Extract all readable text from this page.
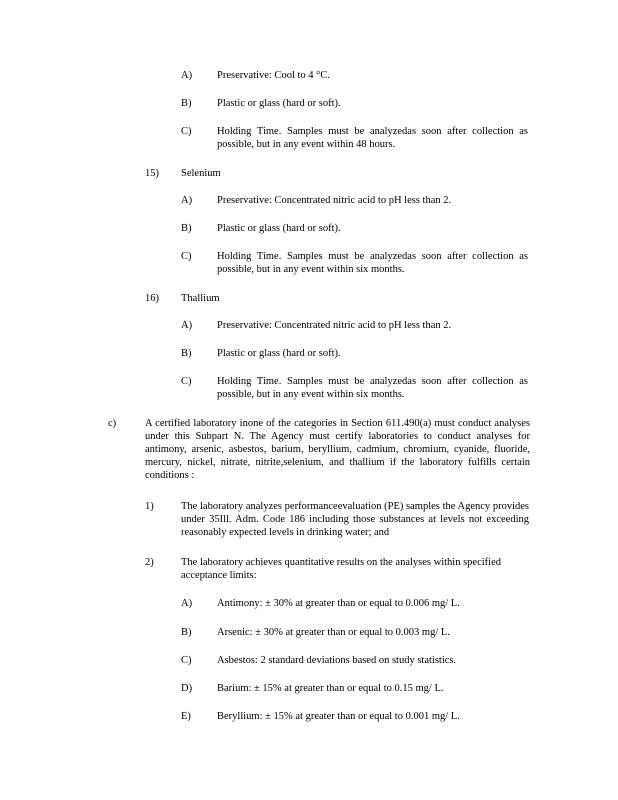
A) Preservative: Cool to 4 °C.
B) Plastic or glass (hard or soft).
C) Holding Time. Samples must be analyzedas soon after collection as possible, but in any event within 48 hours.
15) Selenium
A) Preservative: Concentrated nitric acid to pH less than 2.
B) Plastic or glass (hard or soft).
C) Holding Time. Samples must be analyzedas soon after collection as possible, but in any event within six months.
16) Thallium
A) Preservative: Concentrated nitric acid to pH less than 2.
B) Plastic or glass (hard or soft).
C) Holding Time. Samples must be analyzedas soon after collection as possible, but in any event within six months.
c)	A certified laboratory inone of the categories in Section 611.490(a) must conduct analyses under this Subpart N. The Agency must certify laboratories to conduct analyses for antimony, arsenic, asbestos, barium, beryllium, cadmium, chromium, cyanide, fluoride, mercury, nickel, nitrate, nitrite,selenium, and thallium if the laboratory fulfills certain conditions :
1)	The laboratory analyzes performanceevaluation (PE) samples the Agency provides under 35Ill. Adm. Code 186 including those substances at levels not exceeding reasonably expected levels in drinking water; and
2)	The laboratory achieves quantitative results on the analyses within specified acceptance limits:
A) Antimony: ± 30% at greater than or equal to 0.006 mg/ L.
B) Arsenic: ± 30% at greater than or equal to 0.003 mg/ L.
C) Asbestos: 2 standard deviations based on study statistics.
D) Barium: ± 15% at greater than or equal to 0.15 mg/ L.
E) Beryllium: ± 15% at greater than or equal to 0.001 mg/ L.
